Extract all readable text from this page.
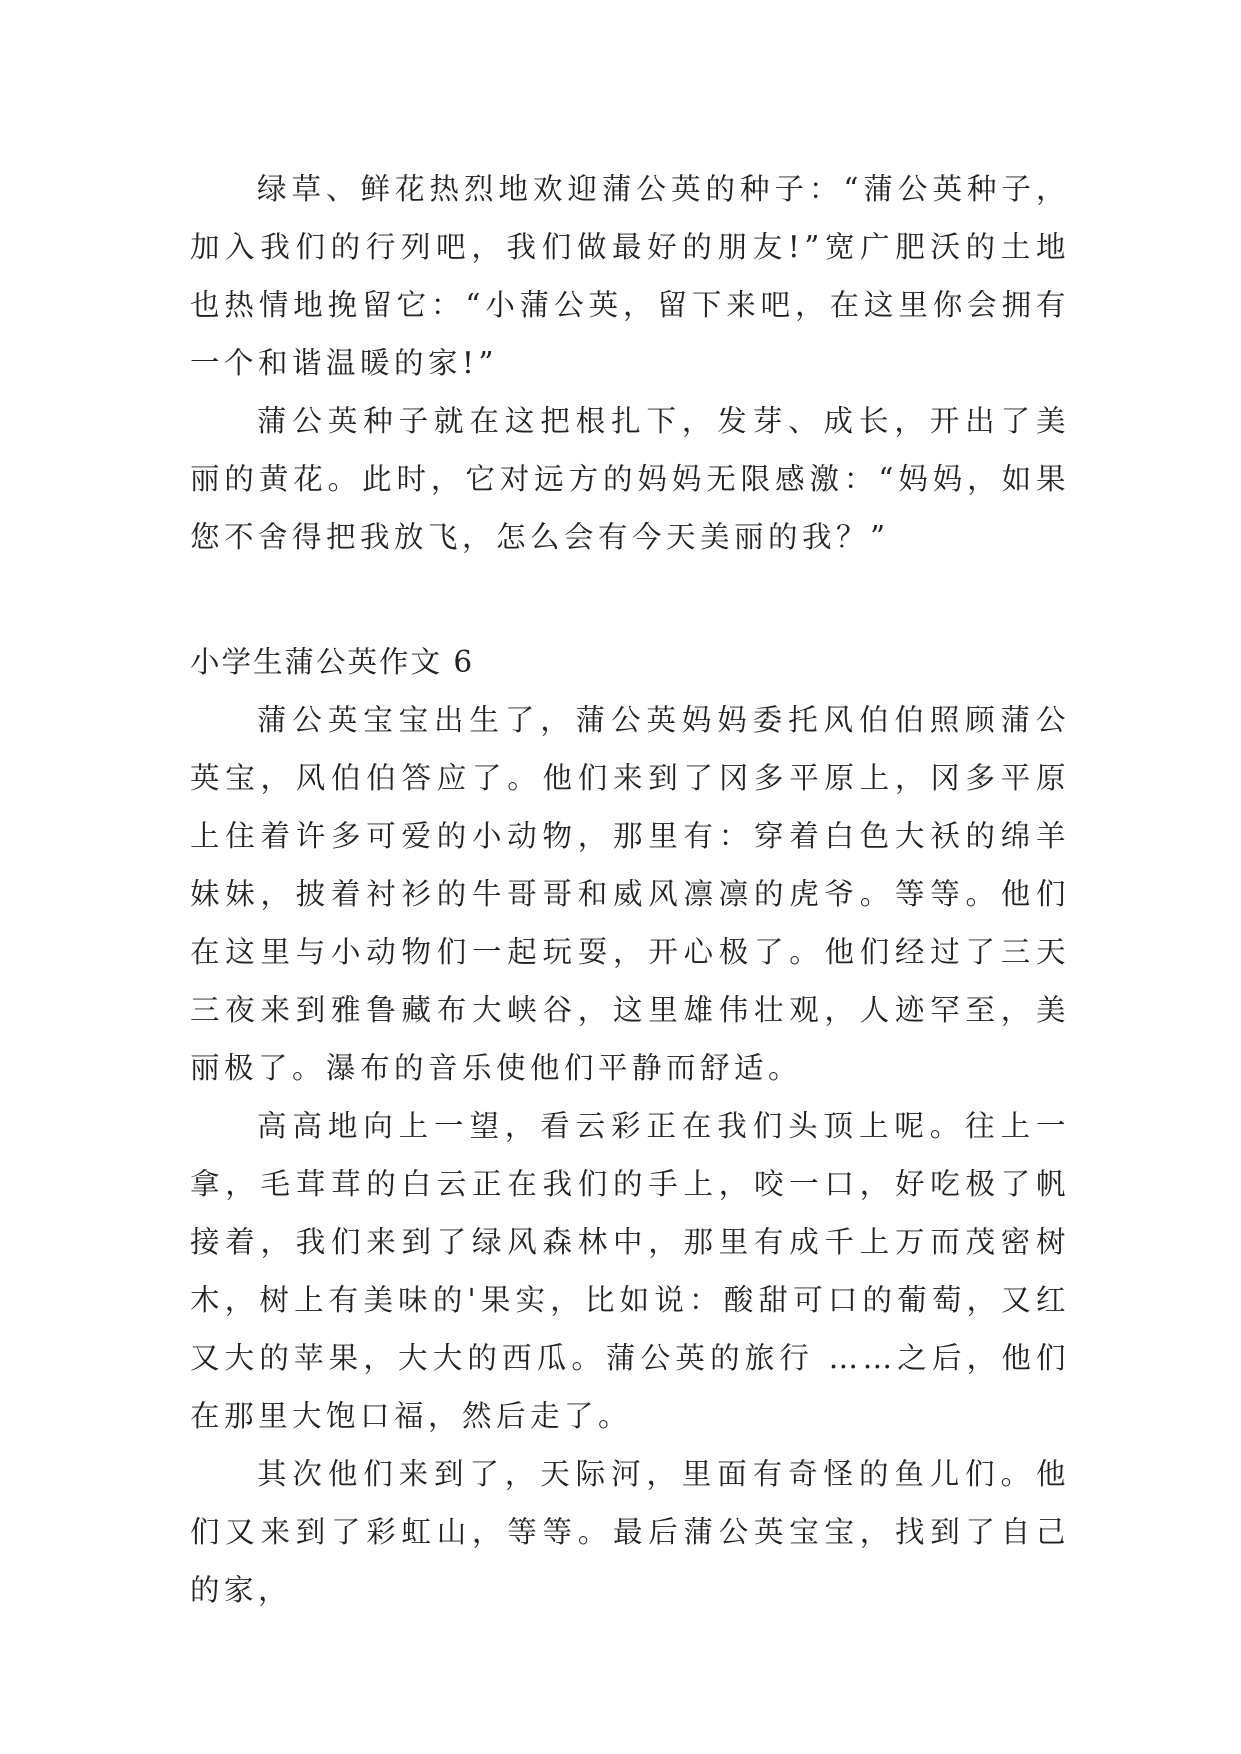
绿草、鲜花热烈地欢迎蒲公英的种子：“蒲公英种子，加入我们的行列吧，我们做最好的朋友!”宽广肥沃的土地也热情地挽留它：“小蒲公英，留下来吧，在这里你会拥有一个和谐温暖的家!”

蒲公英种子就在这把根扎下，发芽、成长，开出了美丽的黄花。此时，它对远方的妈妈无限感激：“妈妈，如果您不舍得把我放飞，怎么会有今天美丽的我？”

小学生蒲公英作文 6

蒲公英宝宝出生了，蒲公英妈妈委托风伯伯照顾蒲公英宝，风伯伯答应了。他们来到了冈多平原上，冈多平原上住着许多可爱的小动物，那里有：穿着白色大袄的绵羊妹妹，披着衬衫的牛哥哥和威风凛凛的虎爷。等等。他们在这里与小动物们一起玩耍，开心极了。他们经过了三天三夜来到雅鲁藏布大峡谷，这里雄伟壮观，人迹罕至，美丽极了。瀑布的音乐使他们平静而舒适。

高高地向上一望，看云彩正在我们头顶上呢。往上一拿，毛茸茸的白云正在我们的手上，咬一口，好吃极了帆接着，我们来到了绿风森林中，那里有成千上万而茂密树木，树上有美味的'果实，比如说：酸甜可口的葡萄，又红又大的苹果，大大的西瓜。蒲公英的旅行 ……之后，他们在那里大饱口福，然后走了。

其次他们来到了，天际河，里面有奇怪的鱼儿们。他们又来到了彩虹山，等等。最后蒲公英宝宝，找到了自己的家，
